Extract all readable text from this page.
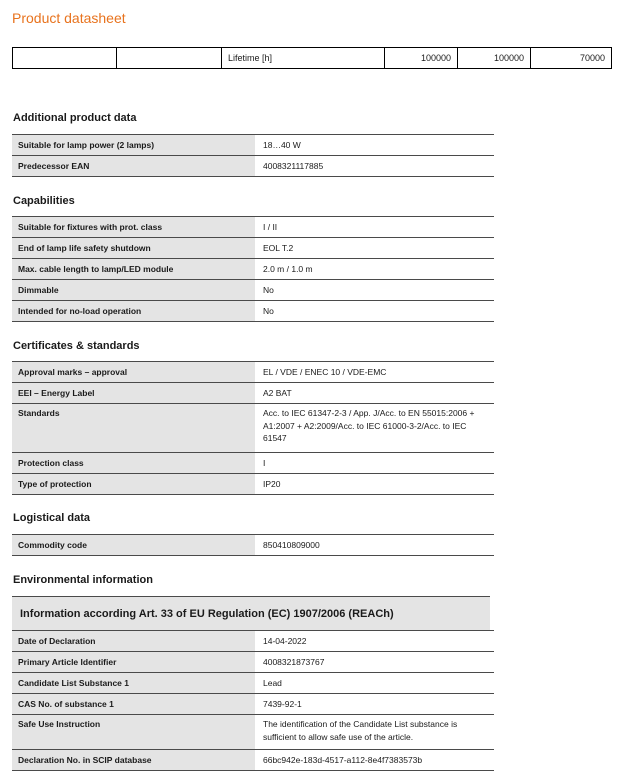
Product datasheet
		Lifetime [h]	100000	100000	70000
Additional product data
Suitable for lamp power (2 lamps)	18…40 W
Predecessor EAN	4008321117885
Capabilities
Suitable for fixtures with prot. class	I / II
End of lamp life safety shutdown	EOL T.2
Max. cable length to lamp/LED module	2.0 m / 1.0 m
Dimmable	No
Intended for no-load operation	No
Certificates & standards
Approval marks – approval	EL / VDE / ENEC 10 / VDE-EMC
EEI – Energy Label	A2 BAT
Standards	Acc. to IEC 61347-2-3 / App. J/Acc. to EN 55015:2006 + A1:2007 + A2:2009/Acc. to IEC 61000-3-2/Acc. to IEC 61547
Protection class	I
Type of protection	IP20
Logistical data
Commodity code	850410809000
Environmental information
Information according Art. 33 of EU Regulation (EC) 1907/2006 (REACh)
Date of Declaration	14-04-2022
Primary Article Identifier	4008321873767
Candidate List Substance 1	Lead
CAS No. of substance 1	7439-92-1
Safe Use Instruction	The identification of the Candidate List substance is sufficient to allow safe use of the article.
Declaration No. in SCIP database	66bc942e-183d-4517-a112-8e4f7383573b
